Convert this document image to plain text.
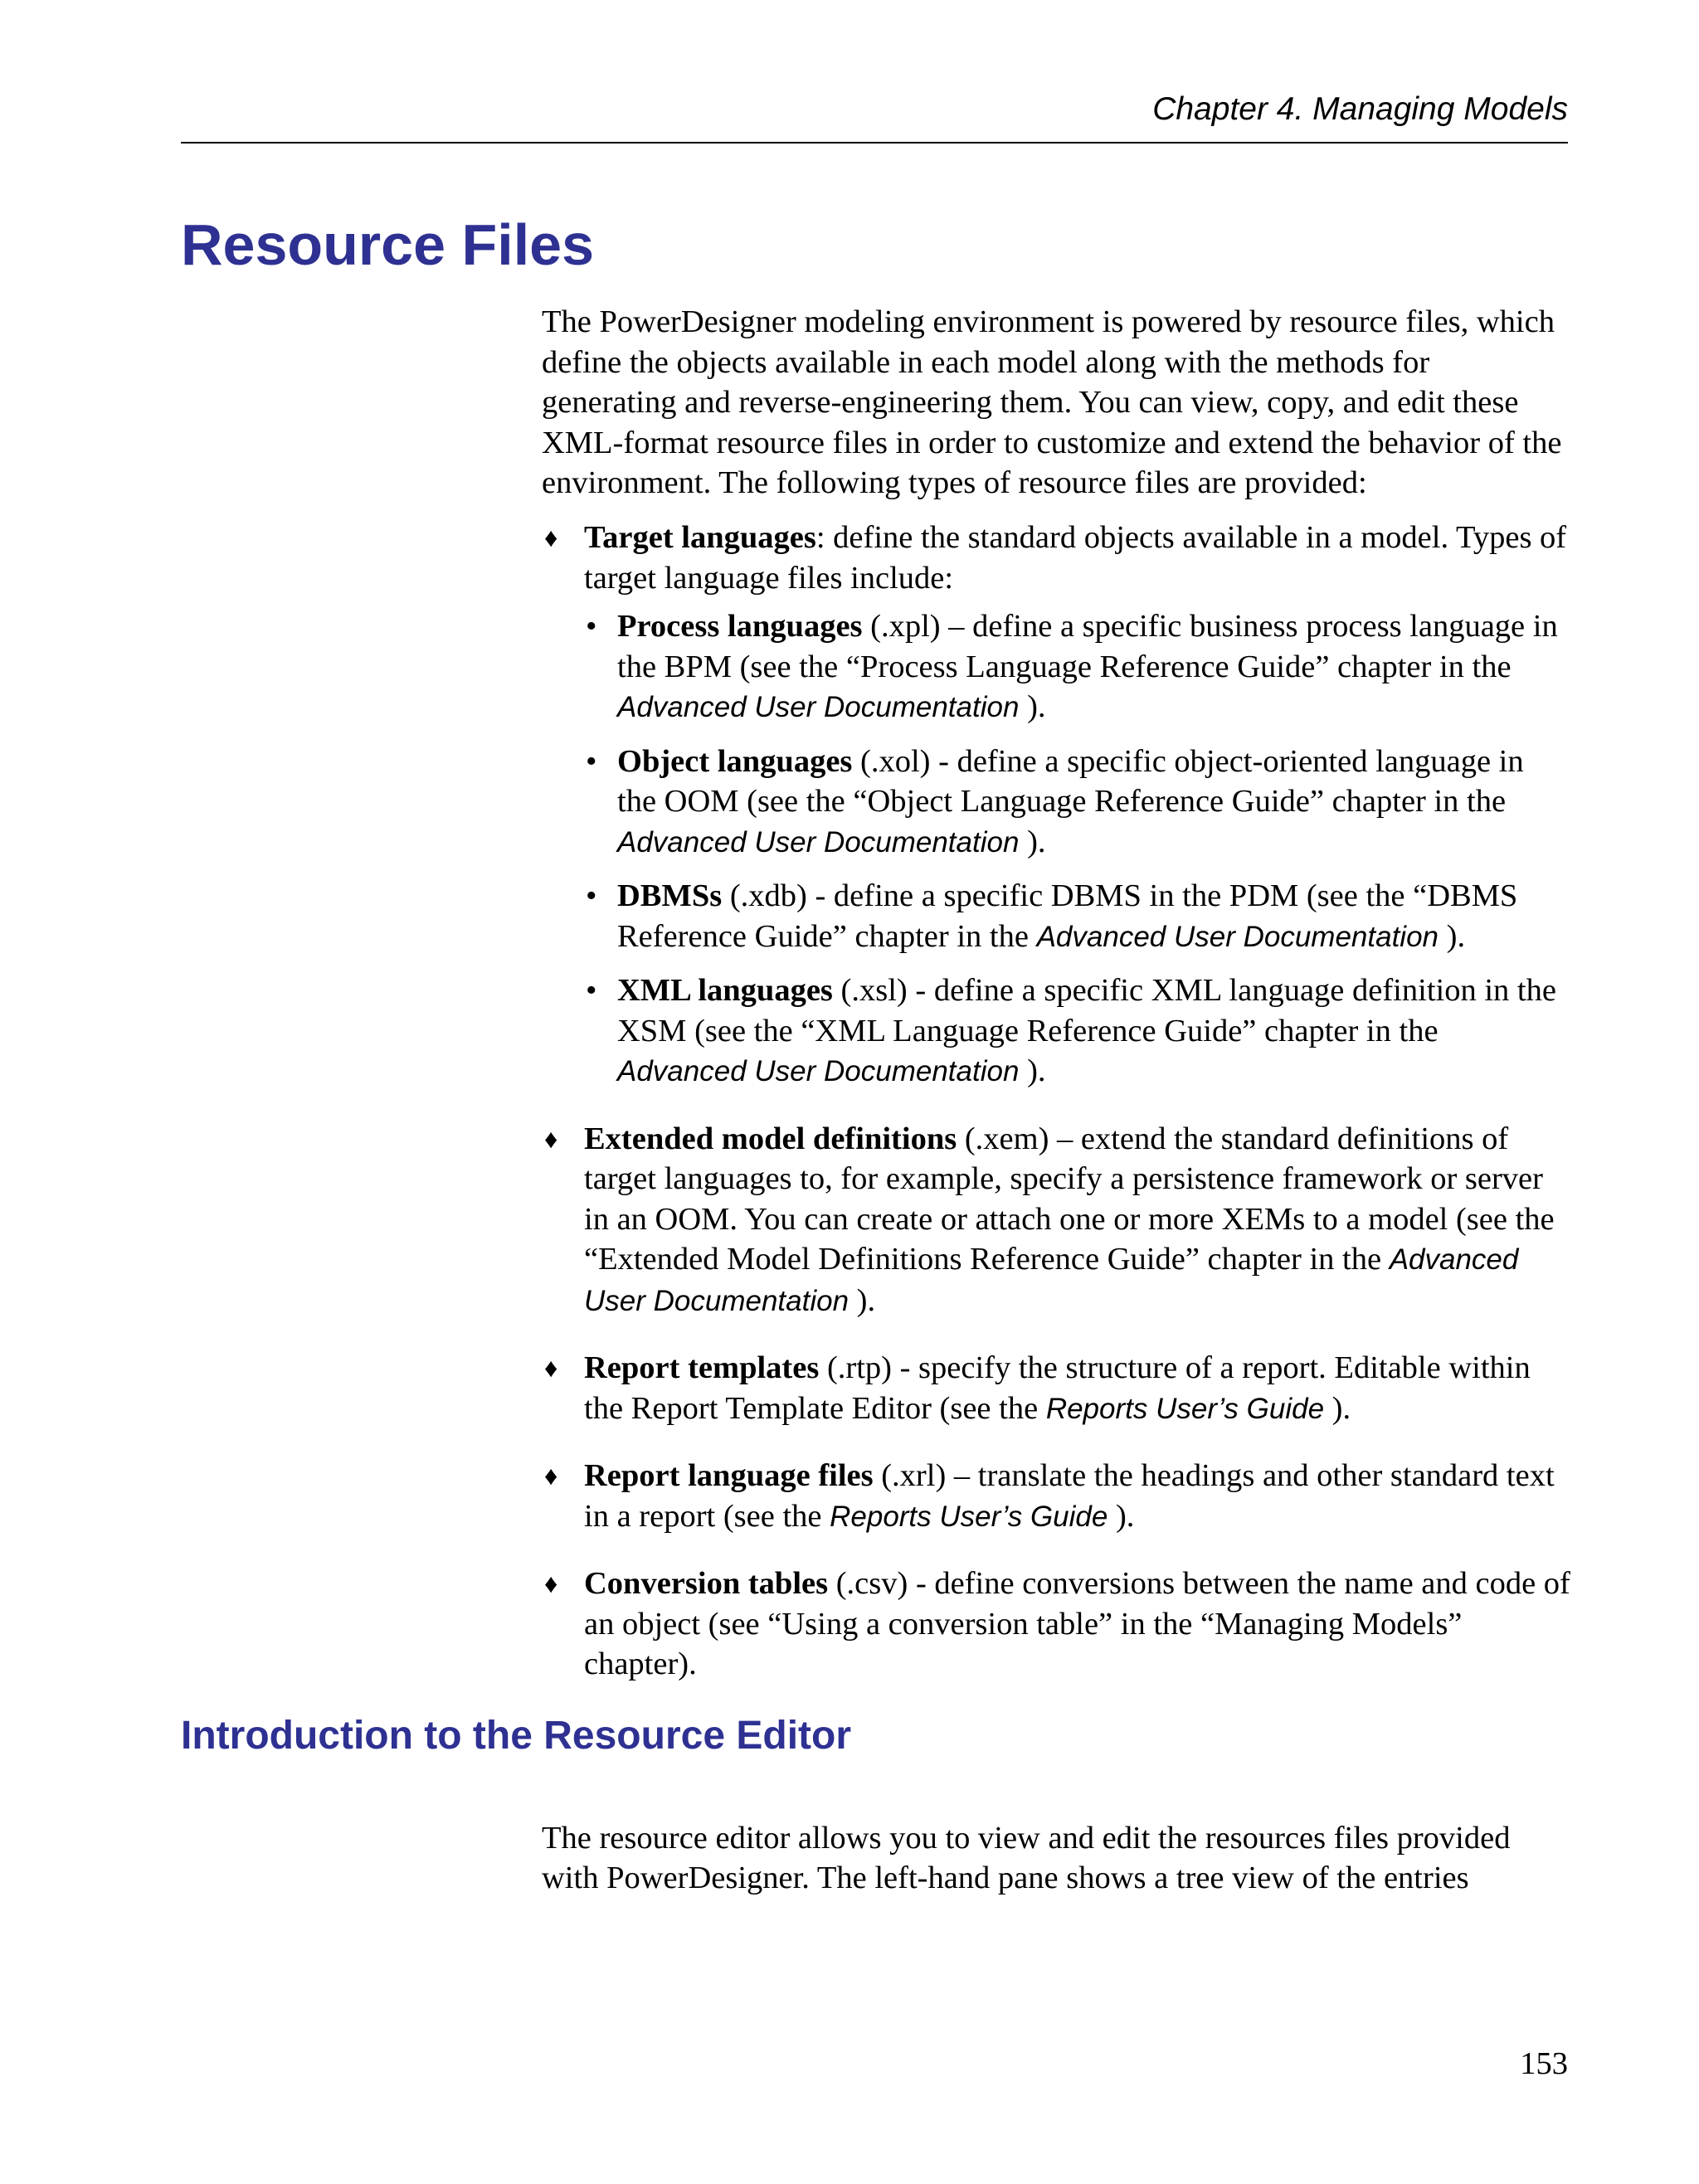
Chapter 4. Managing Models
Resource Files

The PowerDesigner modeling environment is powered by resource files, which define the objects available in each model along with the methods for generating and reverse-engineering them. You can view, copy, and edit these XML-format resource files in order to customize and extend the behavior of the environment. The following types of resource files are provided:

♦ Target languages: define the standard objects available in a model. Types of target language files include:
• Process languages (.xpl) – define a specific business process language in the BPM (see the “Process Language Reference Guide” chapter in the Advanced User Documentation ).
• Object languages (.xol) - define a specific object-oriented language in the OOM (see the “Object Language Reference Guide” chapter in the Advanced User Documentation ).
• DBMSs (.xdb) - define a specific DBMS in the PDM (see the “DBMS Reference Guide” chapter in the Advanced User Documentation ).
• XML languages (.xsl) - define a specific XML language definition in the XSM (see the “XML Language Reference Guide” chapter in the Advanced User Documentation ).
♦ Extended model definitions (.xem) – extend the standard definitions of target languages to, for example, specify a persistence framework or server in an OOM. You can create or attach one or more XEMs to a model (see the “Extended Model Definitions Reference Guide” chapter in the Advanced User Documentation ).
♦ Report templates (.rtp) - specify the structure of a report. Editable within the Report Template Editor (see the Reports User’s Guide ).
♦ Report language files (.xrl) – translate the headings and other standard text in a report (see the Reports User’s Guide ).
♦ Conversion tables (.csv) - define conversions between the name and code of an object (see “Using a conversion table” in the “Managing Models” chapter).
Introduction to the Resource Editor

The resource editor allows you to view and edit the resources files provided with PowerDesigner. The left-hand pane shows a tree view of the entries

153
